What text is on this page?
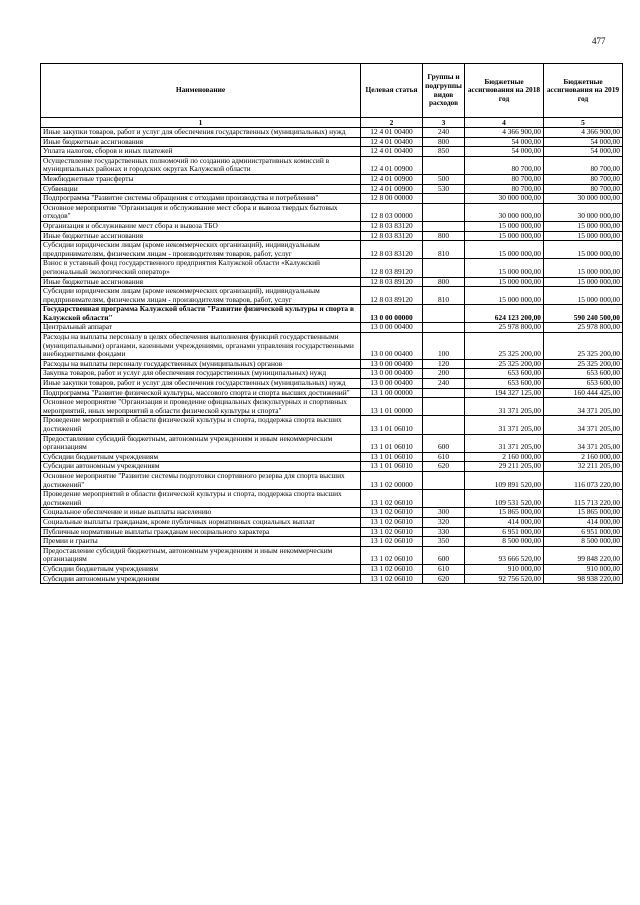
477
Наименование	Целевая статья	Группы и подгруппы видов расходов	Бюджетные ассигнования на 2018 год	Бюджетные ассигнования на 2019 год
1	2	3	4	5
Иные закупки товаров, работ и услуг для обеспечения государственных (муниципальных) нужд	12 4 01 00400	240	4 366 900,00	4 366 900,00
Иные бюджетные ассигнования	12 4 01 00400	800	54 000,00	54 000,00
Уплата налогов, сборов и иных платежей	12 4 01 00400	850	54 000,00	54 000,00
Осуществление государственных полномочий по созданию административных комиссий в муниципальных районах и городских округах Калужской области	12 4 01 00900		80 700,00	80 700,00
Межбюджетные трансферты	12 4 01 00900	500	80 700,00	80 700,00
Субвенции	12 4 01 00900	530	80 700,00	80 700,00
Подпрограмма "Развитие системы обращения с отходами производства и потребления"	12 8 00 00000		30 000 000,00	30 000 000,00
Основное мероприятие "Организация и обслуживание мест сбора и вывоза твердых бытовых отходов"	12 8 03 00000		30 000 000,00	30 000 000,00
Организация и обслуживание мест сбора и вывоза ТБО	12 8 03 83120		15 000 000,00	15 000 000,00
Иные бюджетные ассигнования	12 8 03 83120	800	15 000 000,00	15 000 000,00
Субсидии юридическим лицам (кроме некоммерческих организаций), индивидуальным предпринимателям, физическим лицам - производителям товаров, работ, услуг	12 8 03 83120	810	15 000 000,00	15 000 000,00
Взнос в уставный фонд государственного предприятия Калужской области «Калужский региональный экологический оператор»	12 8 03 89120		15 000 000,00	15 000 000,00
Иные бюджетные ассигнования	12 8 03 89120	800	15 000 000,00	15 000 000,00
Субсидии юридическим лицам (кроме некоммерческих организаций), индивидуальным предпринимателям, физическим лицам - производителям товаров, работ, услуг	12 8 03 89120	810	15 000 000,00	15 000 000,00
Государственная программа Калужской области "Развитие физической культуры и спорта в Калужской области"	13 0 00 00000		624 123 200,00	590 240 500,00
Центральный аппарат	13 0 00 00400		25 978 800,00	25 978 800,00
Расходы на выплаты персоналу в целях обеспечения выполнения функций государственными (муниципальными) органами, казенными учреждениями, органами управления государственными внебюджетными фондами	13 0 00 00400	100	25 325 200,00	25 325 200,00
Расходы на выплаты персоналу государственных (муниципальных) органов	13 0 00 00400	120	25 325 200,00	25 325 200,00
Закупка товаров, работ и услуг для обеспечения государственных (муниципальных) нужд	13 0 00 00400	200	653 600,00	653 600,00
Иные закупки товаров, работ и услуг для обеспечения государственных (муниципальных) нужд	13 0 00 00400	240	653 600,00	653 600,00
Подпрограмма "Развитие физической культуры, массового спорта и спорта высших достижений"	13 1 00 00000		194 327 125,00	160 444 425,00
Основное мероприятие "Организация и проведение официальных физкультурных и спортивных мероприятий, иных мероприятий в области физической культуры и спорта"	13 1 01 00000		31 371 205,00	34 371 205,00
Проведение мероприятий в области физической культуры и спорта, поддержка спорта высших достижений	13 1 01 06010		31 371 205,00	34 371 205,00
Предоставление субсидий бюджетным, автономным учреждениям и иным некоммерческим организациям	13 1 01 06010	600	31 371 205,00	34 371 205,00
Субсидии бюджетным учреждениям	13 1 01 06010	610	2 160 000,00	2 160 000,00
Субсидии автономным учреждениям	13 1 01 06010	620	29 211 205,00	32 211 205,00
Основное мероприятие "Развитие системы подготовки спортивного резерва для спорта высших достижений"	13 1 02 00000		109 891 520,00	116 073 220,00
Проведение мероприятий в области физической культуры и спорта, поддержка спорта высших достижений	13 1 02 06010		109 531 520,00	115 713 220,00
Социальное обеспечение и иные выплаты населению	13 1 02 06010	300	15 865 000,00	15 865 000,00
Социальные выплаты гражданам, кроме публичных нормативных социальных выплат	13 1 02 06010	320	414 000,00	414 000,00
Публичные нормативные выплаты гражданам несоциального характера	13 1 02 06010	330	6 951 000,00	6 951 000,00
Премии и гранты	13 1 02 06010	350	8 500 000,00	8 500 000,00
Предоставление субсидий бюджетным, автономным учреждениям и иным некоммерческим организациям	13 1 02 06010	600	93 666 520,00	99 848 220,00
Субсидии бюджетным учреждениям	13 1 02 06010	610	910 000,00	910 000,00
Субсидии автономным учреждениям	13 1 02 06010	620	92 756 520,00	98 938 220,00
